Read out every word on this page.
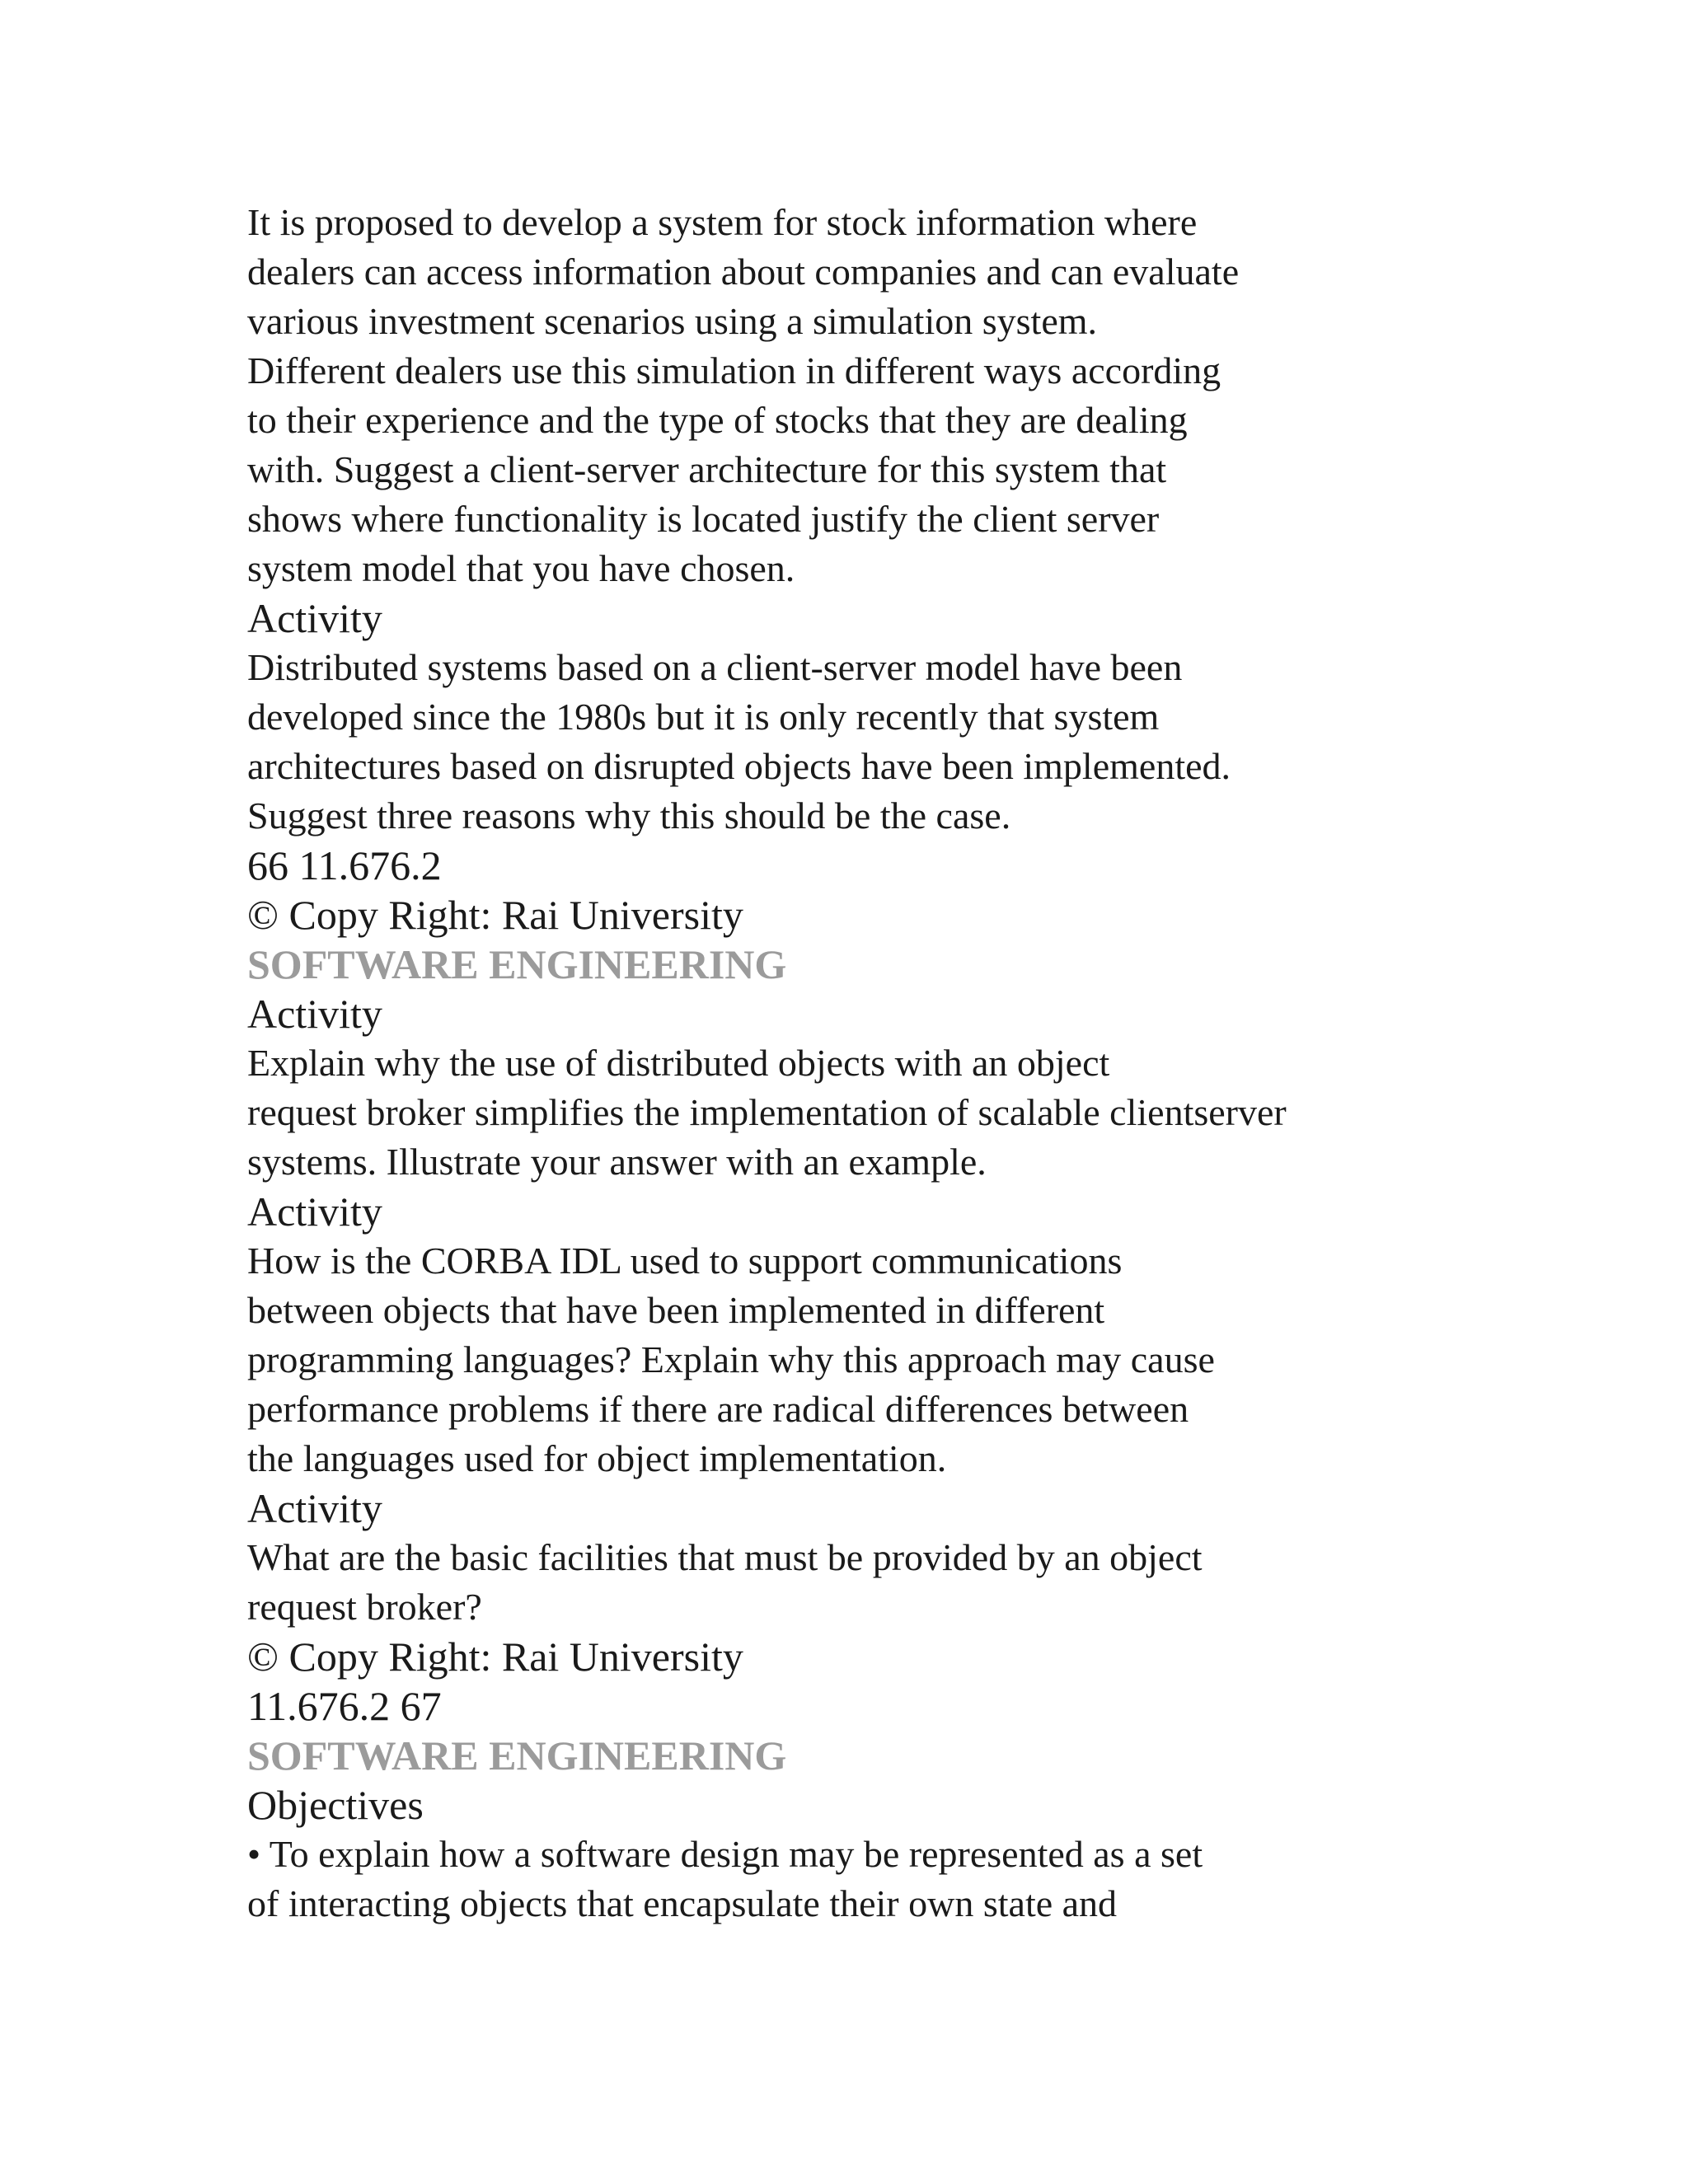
It is proposed to develop a system for stock information where
dealers can access information about companies and can evaluate
various investment scenarios using a simulation system.
Different dealers use this simulation in different ways according
to their experience and the type of stocks that they are dealing
with. Suggest a client-server architecture for this system that
shows where functionality is located justify the client server
system model that you have chosen.
Activity
Distributed systems based on a client-server model have been
developed since the 1980s but it is only recently that system
architectures based on disrupted objects have been implemented.
Suggest three reasons why this should be the case.
66 11.676.2
© Copy Right: Rai University
SOFTWARE ENGINEERING
Activity
Explain why the use of distributed objects with an object
request broker simplifies the implementation of scalable clientserver
systems. Illustrate your answer with an example.
Activity
How is the CORBA IDL used to support communications
between objects that have been implemented in different
programming languages? Explain why this approach may cause
performance problems if there are radical differences between
the languages used for object implementation.
Activity
What are the basic facilities that must be provided by an object
request broker?
© Copy Right: Rai University
11.676.2 67
SOFTWARE ENGINEERING
Objectives
• To explain how a software design may be represented as a set
of interacting objects that encapsulate their own state and
